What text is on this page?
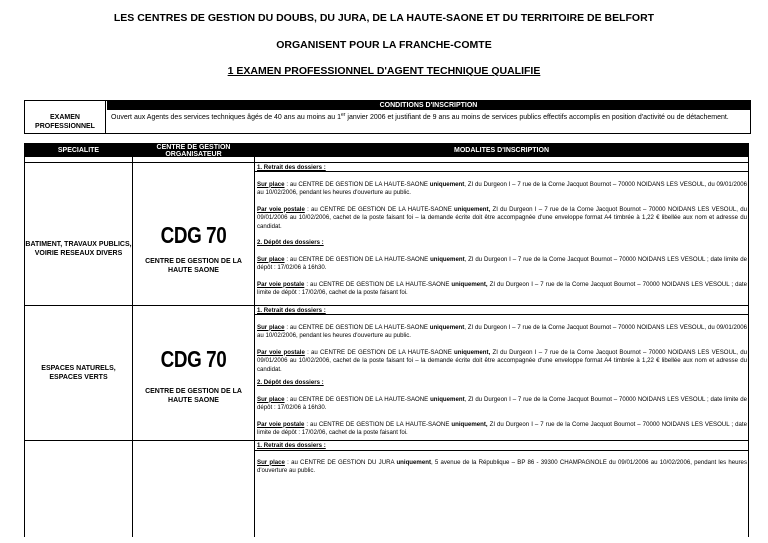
LES CENTRES DE GESTION DU DOUBS, DU JURA, DE LA HAUTE-SAONE ET DU TERRITOIRE DE BELFORT
ORGANISENT POUR LA FRANCHE-COMTE
1 EXAMEN PROFESSIONNEL D'AGENT TECHNIQUE QUALIFIE
EXAMEN PROFESSIONNEL
CONDITIONS D'INSCRIPTION
Ouvert aux Agents des services techniques âgés de 40 ans au moins au 1er janvier 2006 et justifiant de 9 ans au moins de services publics effectifs accomplis en position d'activité ou de détachement.
SPECIALITE	CENTRE DE GESTION ORGANISATEUR
MODALITES D'INSCRIPTION
BATIMENT, TRAVAUX PUBLICS, VOIRIE RESEAUX DIVERS
CDG 70
CENTRE DE GESTION DE LA HAUTE SAONE
1. Retrait des dossiers :
Sur place : au CENTRE DE GESTION DE LA HAUTE-SAONE uniquement, ZI du Durgeon I – 7 rue de la Corne Jacquot Bournot – 70000 NOIDANS LES VESOUL, du 09/01/2006 au 10/02/2006, pendant les heures d'ouverture au public.
Par voie postale : au CENTRE DE GESTION DE LA HAUTE-SAONE uniquement, ZI du Durgeon I – 7 rue de la Corne Jacquot Bournot – 70000 NOIDANS LES VESOUL, du 09/01/2006 au 10/02/2006, cachet de la poste faisant foi – la demande écrite doit être accompagnée d'une enveloppe format A4 timbrée à 1,22 € libellée aux nom et adresse du candidat.
2. Dépôt des dossiers :
Sur place : au CENTRE DE GESTION DE LA HAUTE-SAONE uniquement, ZI du Durgeon I – 7 rue de la Corne Jacquot Bournot – 70000 NOIDANS LES VESOUL ; date limite de dépôt : 17/02/06 à 16h30.
Par voie postale : au CENTRE DE GESTION DE LA HAUTE-SAONE uniquement, ZI du Durgeon I – 7 rue de la Corne Jacquot Bournot – 70000 NOIDANS LES VESOUL ; date limite de dépôt : 17/02/06, cachet de la poste faisant foi.
ESPACES NATURELS, ESPACES VERTS
CDG 70
CENTRE DE GESTION DE LA HAUTE SAONE
1. Retrait des dossiers :
Sur place : au CENTRE DE GESTION DE LA HAUTE-SAONE uniquement, ZI du Durgeon I – 7 rue de la Corne Jacquot Bournot – 70000 NOIDANS LES VESOUL, du 09/01/2006 au 10/02/2006, pendant les heures d'ouverture au public.
Par voie postale : au CENTRE DE GESTION DE LA HAUTE-SAONE uniquement, ZI du Durgeon I – 7 rue de la Corne Jacquot Bournot – 70000 NOIDANS LES VESOUL, du 09/01/2006 au 10/02/2006, cachet de la poste faisant foi – la demande écrite doit être accompagnée d'une enveloppe format A4 timbrée à 1,22 € libellée aux nom et adresse du candidat.
2. Dépôt des dossiers :
Sur place : au CENTRE DE GESTION DE LA HAUTE-SAONE uniquement, ZI du Durgeon I – 7 rue de la Corne Jacquot Bournot – 70000 NOIDANS LES VESOUL ; date limite de dépôt : 17/02/06 à 16h30.
Par voie postale : au CENTRE DE GESTION DE LA HAUTE-SAONE uniquement, ZI du Durgeon I – 7 rue de la Corne Jacquot Bournot – 70000 NOIDANS LES VESOUL ; date limite de dépôt : 17/02/06, cachet de la poste faisant foi.
1. Retrait des dossiers :
Sur place : au CENTRE DE GESTION DU JURA uniquement, 5 avenue de la République – BP 86 - 39300 CHAMPAGNOLE du 09/01/2006 au 10/02/2006, pendant les heures d'ouverture au public.
